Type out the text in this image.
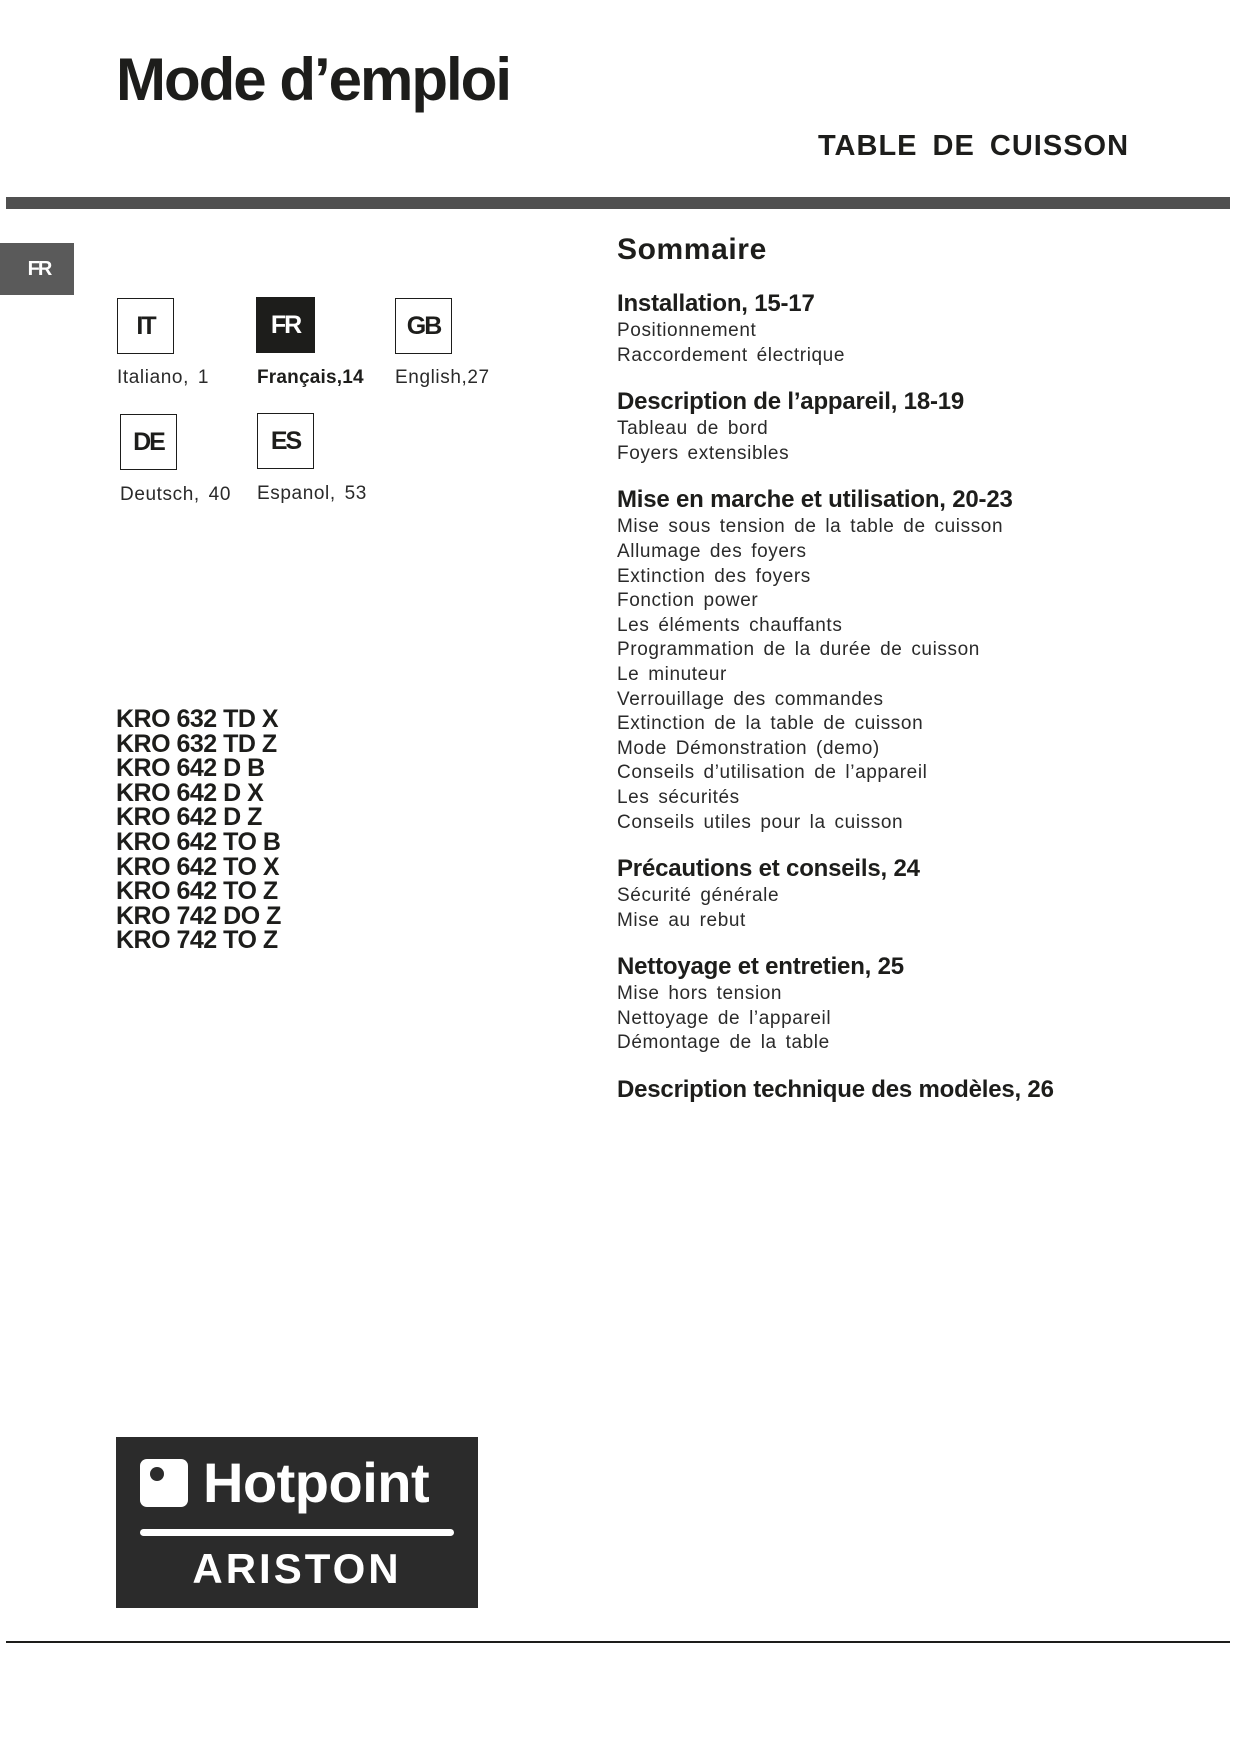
Mode d’emploi
TABLE DE CUISSON
FR
IT	FR	GB
DE	ES
Italiano, 1	Français,14 English,27
Deutsch, 40 Espanol, 53
KRO 632 TD X
KRO 632 TD Z
KRO 642 D B
KRO 642 D X
KRO 642 D Z
KRO 642 TO B
KRO 642 TO X
KRO 642 TO Z
KRO 742 DO Z
KRO 742 TO Z
Sommaire
Installation, 15-17
Positionnement
Raccordement électrique
Description de l’appareil, 18-19
Tableau de bord
Foyers extensibles
Mise en marche et utilisation, 20-23
Mise sous tension de la table de cuisson
Allumage des foyers
Extinction des foyers
Fonction power
Les éléments chauffants
Programmation de la durée de cuisson
Le minuteur
Verrouillage des commandes
Extinction de la table de cuisson
Mode Démonstration (demo)
Conseils d’utilisation de l’appareil
Les sécurités
Conseils utiles pour la cuisson
Précautions et conseils, 24
Sécurité générale
Mise au rebut
Nettoyage et entretien, 25
Mise hors tension
Nettoyage de l’appareil
Démontage de la table
Description technique des modèles, 26
Hotpoint
ARISTON
